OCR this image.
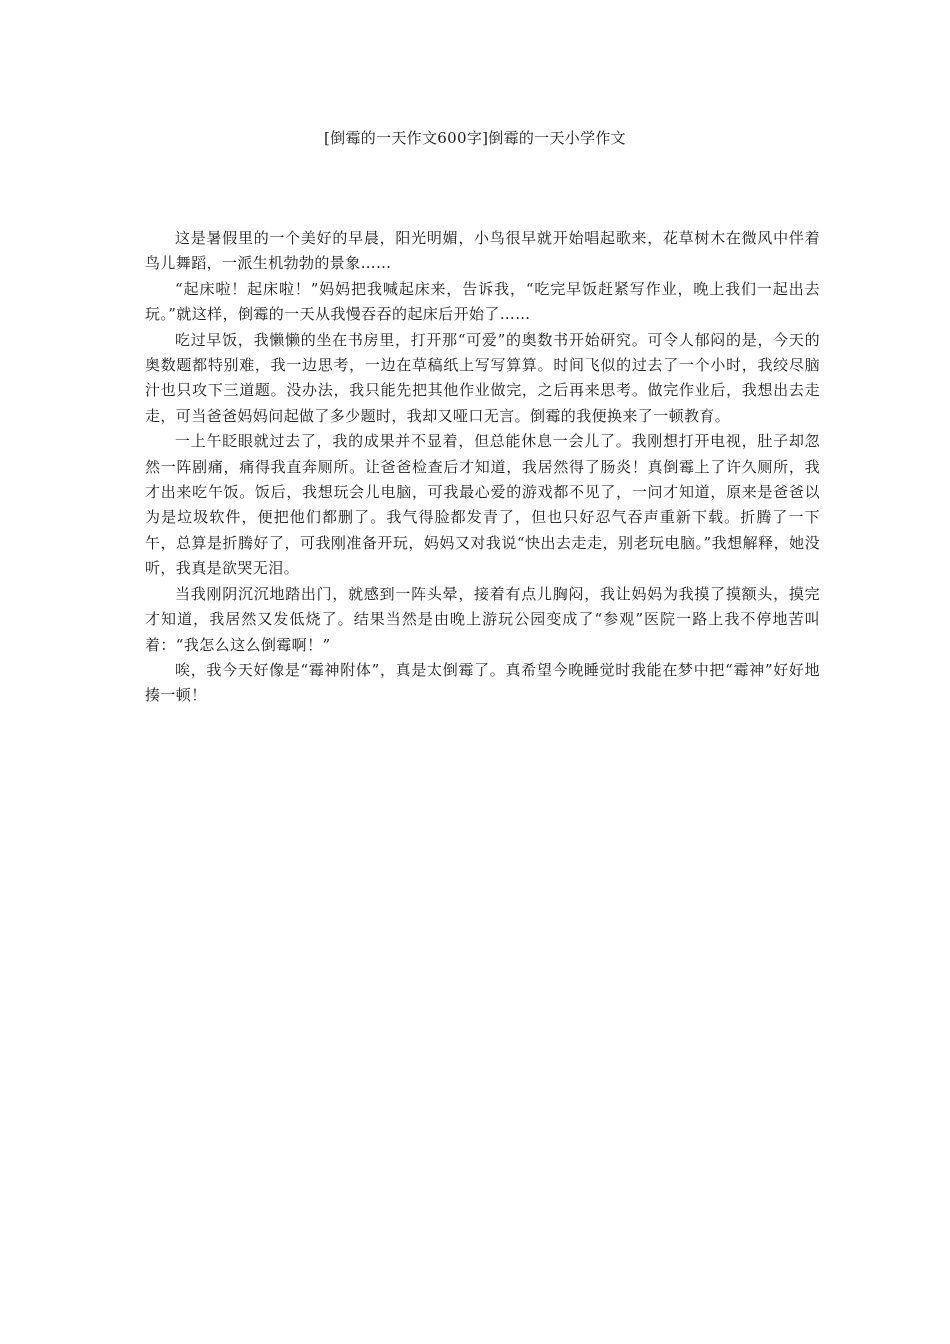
[倒霉的一天作文600字]倒霉的一天小学作文

这是暑假里的一个美好的早晨，阳光明媚，小鸟很早就开始唱起歌来，花草树木在微风中伴着鸟儿舞蹈，一派生机勃勃的景象……

“起床啦！起床啦！”妈妈把我喊起床来，告诉我，“吃完早饭赶紧写作业，晚上我们一起出去玩。”就这样，倒霉的一天从我慢吞吞的起床后开始了……

吃过早饭，我懒懒的坐在书房里，打开那“可爱”的奥数书开始研究。可令人郁闷的是，今天的奥数题都特别难，我一边思考，一边在草稿纸上写写算算。时间飞似的过去了一个小时，我绞尽脑汁也只攻下三道题。没办法，我只能先把其他作业做完，之后再来思考。做完作业后，我想出去走走，可当爸爸妈妈问起做了多少题时，我却又哑口无言。倒霉的我便换来了一顿教育。

一上午眨眼就过去了，我的成果并不显着，但总能休息一会儿了。我刚想打开电视，肚子却忽然一阵剧痛，痛得我直奔厕所。让爸爸检查后才知道，我居然得了肠炎！真倒霉上了许久厕所，我才出来吃午饭。饭后，我想玩会儿电脑，可我最心爱的游戏都不见了，一问才知道，原来是爸爸以为是垃圾软件，便把他们都删了。我气得脸都发青了，但也只好忍气吞声重新下载。折腾了一下午，总算是折腾好了，可我刚准备开玩，妈妈又对我说“快出去走走，别老玩电脑。”我想解释，她没听，我真是欲哭无泪。

当我刚阴沉沉地踏出门，就感到一阵头晕，接着有点儿胸闷，我让妈妈为我摸了摸额头，摸完才知道，我居然又发低烧了。结果当然是由晚上游玩公园变成了“参观”医院一路上我不停地苦叫着：“我怎么这么倒霉啊！”

唉，我今天好像是“霉神附体”，真是太倒霉了。真希望今晚睡觉时我能在梦中把“霉神”好好地揍一顿！
